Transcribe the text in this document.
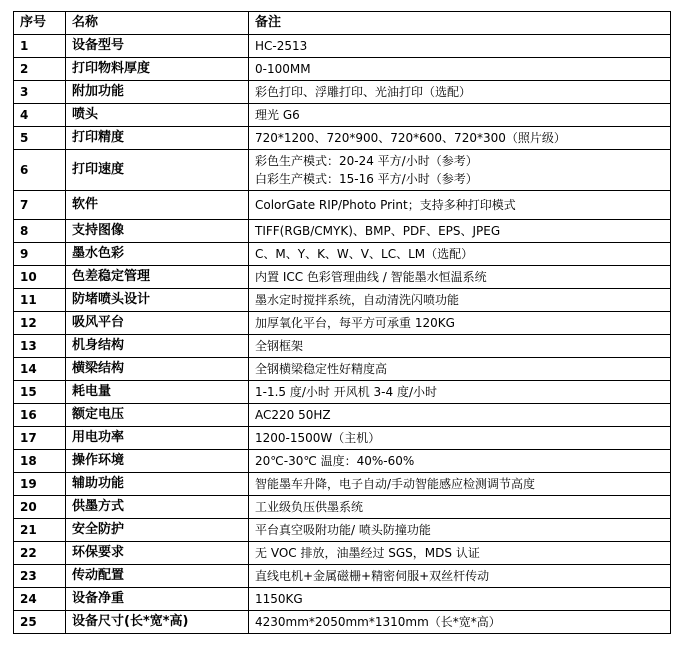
序号	名称	备注
1	设备型号	HC-2513

2	打印物料厚度	0-100MM

3	附加功能	彩色打印、浮雕打印、光油打印（选配）

4	喷头	理光 G6

5	打印精度	720*1200、720*900、720*600、720*300（照片级）

6	打印速度	彩色生产模式：20-24 平方/小时（参考）
白彩生产模式：15-16 平方/小时（参考）

7	软件	ColorGate RIP/Photo Print；支持多种打印模式

8	支持图像	TIFF(RGB/CMYK)、BMP、PDF、EPS、JPEG

9	墨水色彩	C、M、Y、K、W、V、LC、LM（选配）

10	色差稳定管理	内置 ICC 色彩管理曲线 / 智能墨水恒温系统

11	防堵喷头设计	墨水定时搅拌系统，自动清洗闪喷功能

12	吸风平台	加厚氧化平台，每平方可承重 120KG

13	机身结构	全钢框架

14	横梁结构	全钢横梁稳定性好精度高

15	耗电量	1-1.5 度/小时 开风机 3-4 度/小时

16	额定电压	AC220 50HZ

17	用电功率	1200-1500W（主机）

18	操作环境	20℃-30℃ 温度：40%-60%

19	辅助功能	智能墨车升降，电子自动/手动智能感应检测调节高度

20	供墨方式	工业级负压供墨系统

21	安全防护	平台真空吸附功能/ 喷头防撞功能

22	环保要求	无 VOC 排放，油墨经过 SGS，MDS 认证

23	传动配置	直线电机+金属磁栅+精密伺服+双丝杆传动

24	设备净重	1150KG

25	设备尺寸(长*宽*高)	4230mm*2050mm*1310mm（长*宽*高）
